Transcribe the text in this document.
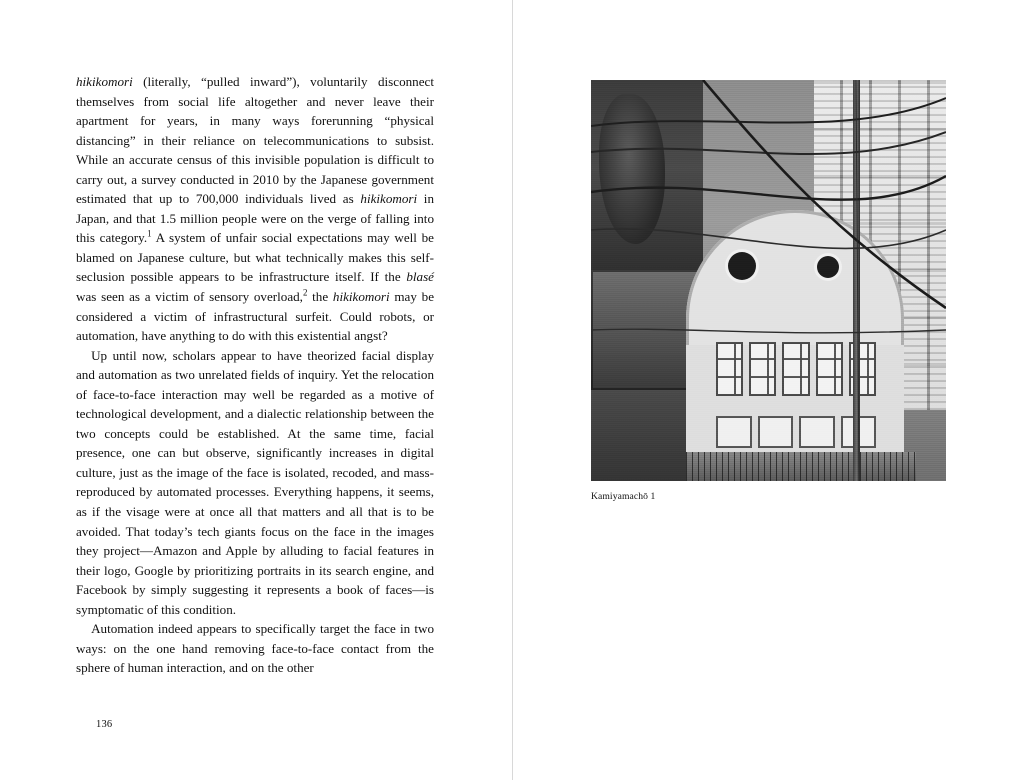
hikikomori (literally, “pulled inward”), voluntarily disconnect themselves from social life altogether and never leave their apartment for years, in many ways forerunning “physical distancing” in their reliance on telecommunications to subsist. While an accurate census of this invisible population is difficult to carry out, a survey conducted in 2010 by the Japanese government estimated that up to 700,000 individuals lived as hikikomori in Japan, and that 1.5 million people were on the verge of falling into this category.$^1$ A system of unfair social expectations may well be blamed on Japanese culture, but what technically makes this self-seclusion possible appears to be infrastructure itself. If the blasé was seen as a victim of sensory overload,$^2$ the hikikomori may be considered a victim of infrastructural surfeit. Could robots, or automation, have anything to do with this existential angst?

Up until now, scholars appear to have theorized facial display and automation as two unrelated fields of inquiry. Yet the relocation of face-to-face interaction may well be regarded as a motive of technological development, and a dialectic relationship between the two concepts could be established. At the same time, facial presence, one can but observe, significantly increases in digital culture, just as the image of the face is isolated, recoded, and mass-reproduced by automated processes. Everything happens, it seems, as if the visage were at once all that matters and all that is to be avoided. That today’s tech giants focus on the face in the images they project—Amazon and Apple by alluding to facial features in their logo, Google by prioritizing portraits in its search engine, and Facebook by simply suggesting it represents a book of faces—is symptomatic of this condition.

Automation indeed appears to specifically target the face in two ways: on the one hand removing face-to-face contact from the sphere of human interaction, and on the other

136
Kamiyamachō 1
